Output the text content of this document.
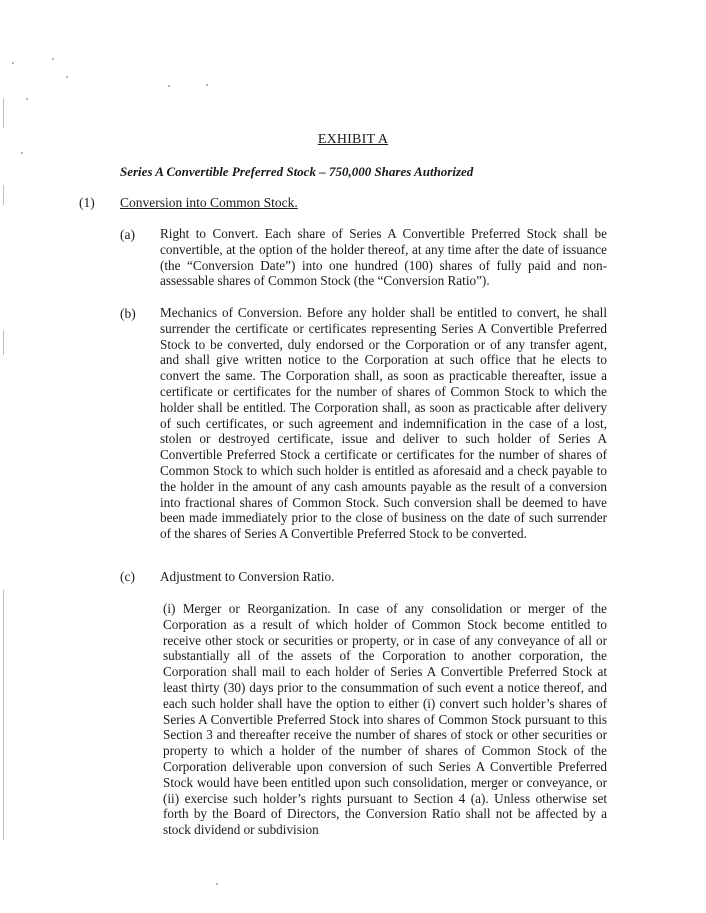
EXHIBIT A
Series A Convertible Preferred Stock – 750,000 Shares Authorized
(1) Conversion into Common Stock.
(a) Right to Convert. Each share of Series A Convertible Preferred Stock shall be convertible, at the option of the holder thereof, at any time after the date of issuance (the “Conversion Date”) into one hundred (100) shares of fully paid and non-assessable shares of Common Stock (the “Conversion Ratio”).
(b) Mechanics of Conversion. Before any holder shall be entitled to convert, he shall surrender the certificate or certificates representing Series A Convertible Preferred Stock to be converted, duly endorsed or the Corporation or of any transfer agent, and shall give written notice to the Corporation at such office that he elects to convert the same. The Corporation shall, as soon as practicable thereafter, issue a certificate or certificates for the number of shares of Common Stock to which the holder shall be entitled. The Corporation shall, as soon as practicable after delivery of such certificates, or such agreement and indemnification in the case of a lost, stolen or destroyed certificate, issue and deliver to such holder of Series A Convertible Preferred Stock a certificate or certificates for the number of shares of Common Stock to which such holder is entitled as aforesaid and a check payable to the holder in the amount of any cash amounts payable as the result of a conversion into fractional shares of Common Stock. Such conversion shall be deemed to have been made immediately prior to the close of business on the date of such surrender of the shares of Series A Convertible Preferred Stock to be converted.
(c) Adjustment to Conversion Ratio.
(i) Merger or Reorganization. In case of any consolidation or merger of the Corporation as a result of which holder of Common Stock become entitled to receive other stock or securities or property, or in case of any conveyance of all or substantially all of the assets of the Corporation to another corporation, the Corporation shall mail to each holder of Series A Convertible Preferred Stock at least thirty (30) days prior to the consummation of such event a notice thereof, and each such holder shall have the option to either (i) convert such holder’s shares of Series A Convertible Preferred Stock into shares of Common Stock pursuant to this Section 3 and thereafter receive the number of shares of stock or other securities or property to which a holder of the number of shares of Common Stock of the Corporation deliverable upon conversion of such Series A Convertible Preferred Stock would have been entitled upon such consolidation, merger or conveyance, or (ii) exercise such holder’s rights pursuant to Section 4 (a). Unless otherwise set forth by the Board of Directors, the Conversion Ratio shall not be affected by a stock dividend or subdivision
